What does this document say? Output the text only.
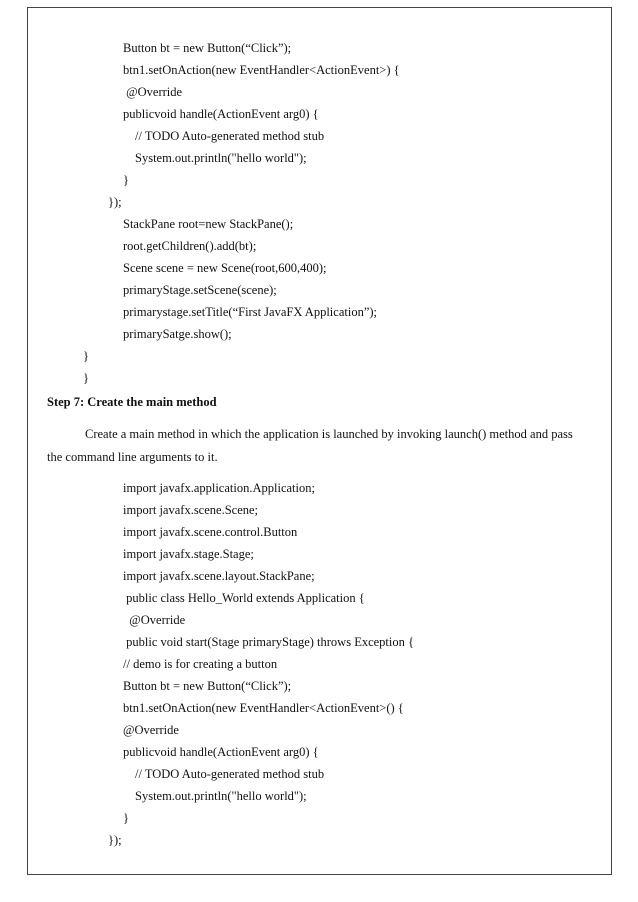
Button bt = new Button(“Click”);
btn1.setOnAction(new EventHandler<ActionEvent>) {
@Override
publicvoid handle(ActionEvent arg0) {
// TODO Auto-generated method stub
System.out.println("hello world");
}
});
StackPane root=new StackPane();
root.getChildren().add(bt);
Scene scene = new Scene(root,600,400);
primaryStage.setScene(scene);
primarystage.setTitle(“First JavaFX Application”);
primarySatge.show();
}
}
Step 7: Create the main method
Create a main method in which the application is launched by invoking launch() method and pass
the command line arguments to it.
import javafx.application.Application;
import javafx.scene.Scene;
import javafx.scene.control.Button
import javafx.stage.Stage;
import javafx.scene.layout.StackPane;
public class Hello_World extends Application {
@Override
public void start(Stage primaryStage) throws Exception {
// demo is for creating a button
Button bt = new Button(“Click”);
btn1.setOnAction(new EventHandler<ActionEvent>() {
@Override
publicvoid handle(ActionEvent arg0) {
// TODO Auto-generated method stub
System.out.println("hello world");
}
});
